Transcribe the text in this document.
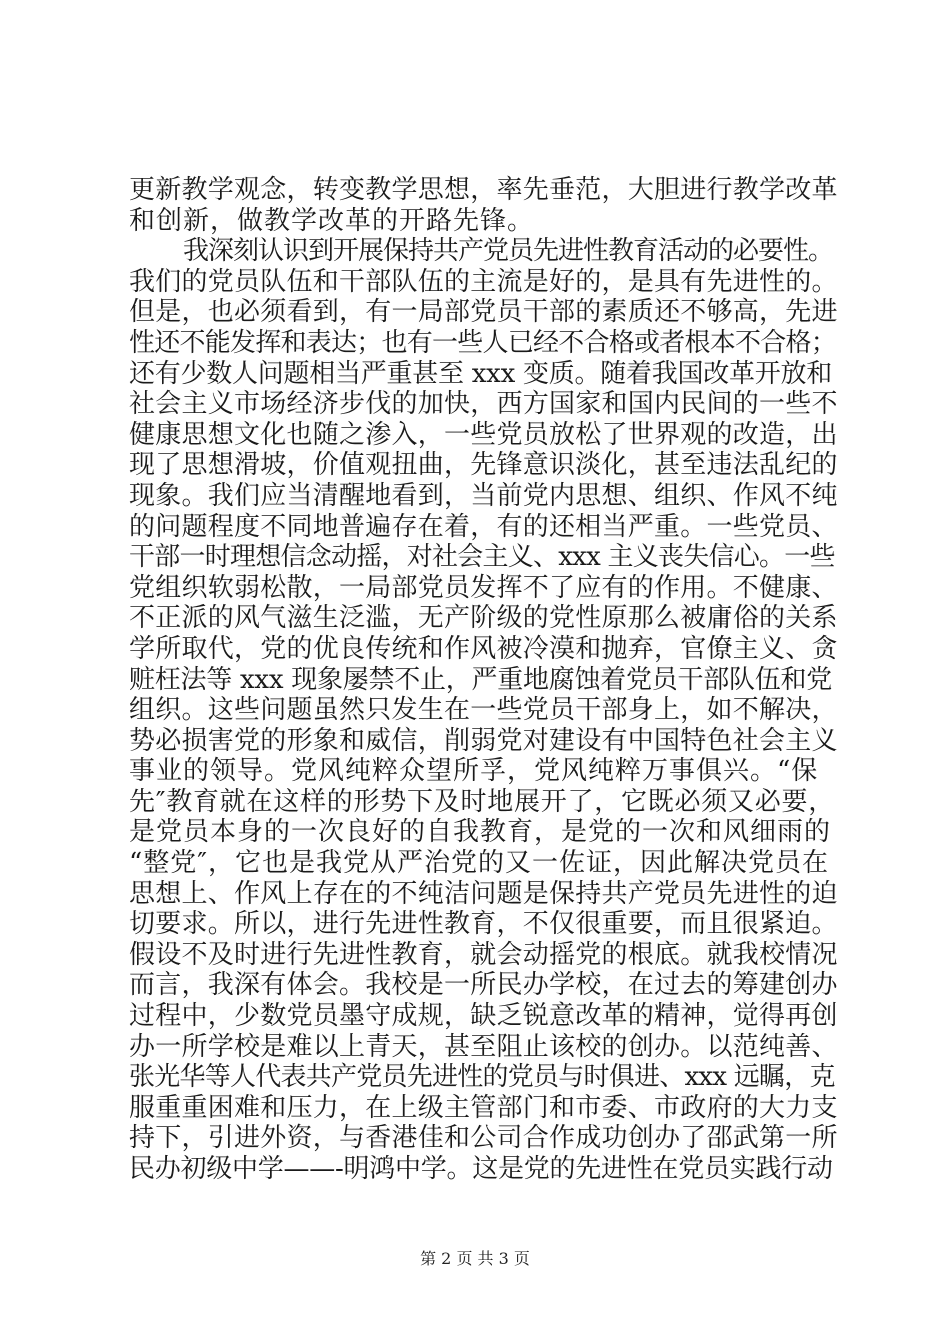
更新教学观念，转变教学思想，率先垂范，大胆进行教学改革
和创新，做教学改革的开路先锋。
我深刻认识到开展保持共产党员先进性教育活动的必要性。
我们的党员队伍和干部队伍的主流是好的，是具有先进性的。
但是，也必须看到，有一局部党员干部的素质还不够高，先进
性还不能发挥和表达；也有一些人已经不合格或者根本不合格；
还有少数人问题相当严重甚至 xxx 变质。随着我国改革开放和
社会主义市场经济步伐的加快，西方国家和国内民间的一些不
健康思想文化也随之渗入，一些党员放松了世界观的改造，出
现了思想滑坡，价值观扭曲，先锋意识淡化，甚至违法乱纪的
现象。我们应当清醒地看到，当前党内思想、组织、作风不纯
的问题程度不同地普遍存在着，有的还相当严重。一些党员、
干部一时理想信念动摇，对社会主义、xxx 主义丧失信心。一些
党组织软弱松散，一局部党员发挥不了应有的作用。不健康、
不正派的风气滋生泛滥，无产阶级的党性原那么被庸俗的关系
学所取代，党的优良传统和作风被冷漠和抛弃，官僚主义、贪
赃枉法等 xxx 现象屡禁不止，严重地腐蚀着党员干部队伍和党
组织。这些问题虽然只发生在一些党员干部身上，如不解决，
势必损害党的形象和威信，削弱党对建设有中国特色社会主义
事业的领导。党风纯粹众望所孚，党风纯粹万事俱兴。“保
先″教育就在这样的形势下及时地展开了，它既必须又必要，
是党员本身的一次良好的自我教育，是党的一次和风细雨的
“整党″，它也是我党从严治党的又一佐证，因此解决党员在
思想上、作风上存在的不纯洁问题是保持共产党员先进性的迫
切要求。所以，进行先进性教育，不仅很重要，而且很紧迫。
假设不及时进行先进性教育，就会动摇党的根底。就我校情况
而言，我深有体会。我校是一所民办学校，在过去的筹建创办
过程中，少数党员墨守成规，缺乏锐意改革的精神，觉得再创
办一所学校是难以上青天，甚至阻止该校的创办。以范纯善、
张光华等人代表共产党员先进性的党员与时俱进、xxx 远瞩，克
服重重困难和压力，在上级主管部门和市委、市政府的大力支
持下，引进外资，与香港佳和公司合作成功创办了邵武第一所
民办初级中学——-明鸿中学。这是党的先进性在党员实践行动
第 2 页 共 3 页
